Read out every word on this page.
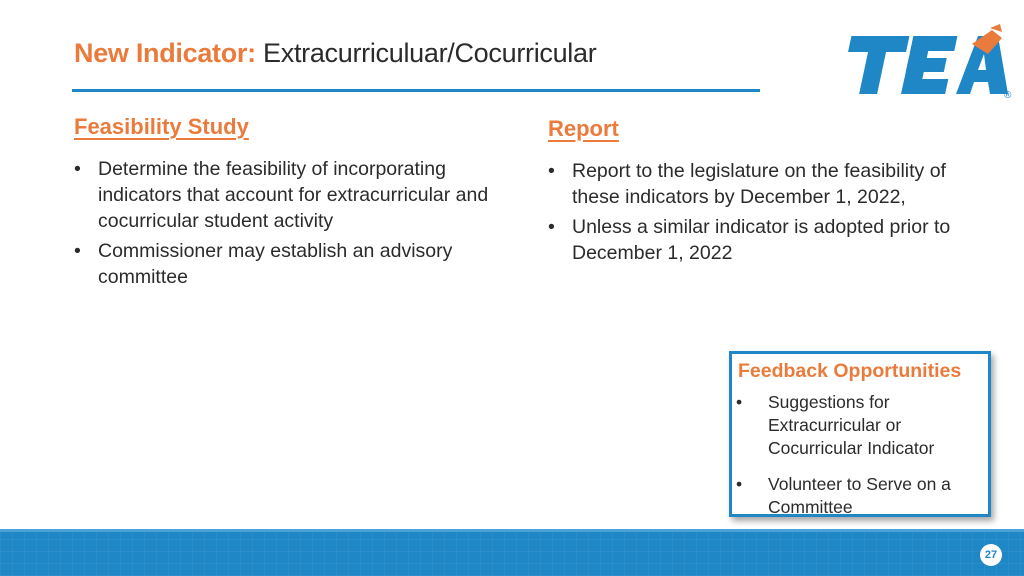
New Indicator: Extracurriculuar/Cocurricular
®
Feasibility Study
• Determine the feasibility of incorporating indicators that account for extracurricular and cocurricular student activity
• Commissioner may establish an advisory committee
Report
• Report to the legislature on the feasibility of these indicators by December 1, 2022,
• Unless a similar indicator is adopted prior to December 1, 2022
Feedback Opportunities
• Suggestions for Extracurricular or Cocurricular Indicator
• Volunteer to Serve on a Committee
27
